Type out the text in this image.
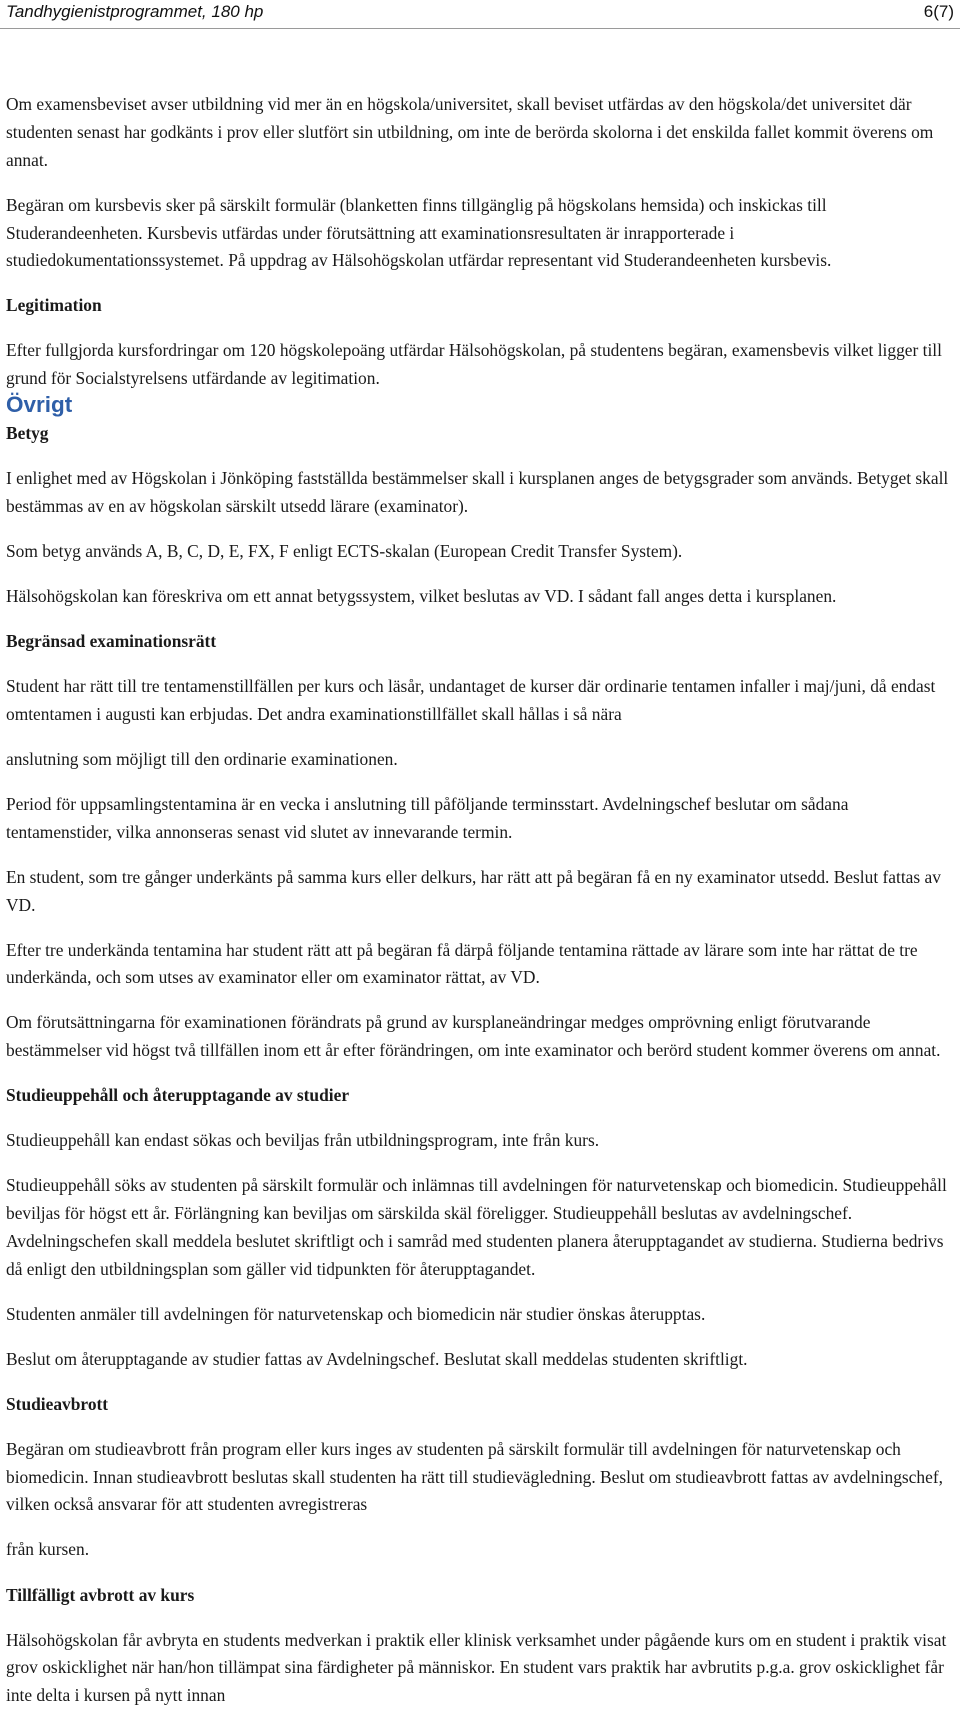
Tandhygienistprogrammet, 180 hp	6(7)

Om examensbeviset avser utbildning vid mer än en högskola/universitet, skall beviset utfärdas av den högskola/det universitet där studenten senast har godkänts i prov eller slutfört sin utbildning, om inte de berörda skolorna i det enskilda fallet kommit överens om annat.

Begäran om kursbevis sker på särskilt formulär (blanketten finns tillgänglig på högskolans hemsida) och inskickas till Studerandeenheten. Kursbevis utfärdas under förutsättning att examinationsresultaten är inrapporterade i studiedokumentationssystemet. På uppdrag av Hälsohögskolan utfärdar representant vid Studerandeenheten kursbevis.

Legitimation

Efter fullgjorda kursfordringar om 120 högskolepoäng utfärdar Hälsohögskolan, på studentens begäran, examensbevis vilket ligger till grund för Socialstyrelsens utfärdande av legitimation.

Övrigt

Betyg

I enlighet med av Högskolan i Jönköping fastställda bestämmelser skall i kursplanen anges de betygsgrader som används. Betyget skall bestämmas av en av högskolan särskilt utsedd lärare (examinator).

Som betyg används A, B, C, D, E, FX, F enligt ECTS-skalan (European Credit Transfer System).

Hälsohögskolan kan föreskriva om ett annat betygssystem, vilket beslutas av VD. I sådant fall anges detta i kursplanen.

Begränsad examinationsrätt

Student har rätt till tre tentamenstillfällen per kurs och läsår, undantaget de kurser där ordinarie tentamen infaller i maj/juni, då endast omtentamen i augusti kan erbjudas. Det andra examinationstillfället skall hållas i så nära

anslutning som möjligt till den ordinarie examinationen.

Period för uppsamlingstentamina är en vecka i anslutning till påföljande terminsstart. Avdelningschef beslutar om sådana tentamenstider, vilka annonseras senast vid slutet av innevarande termin.

En student, som tre gånger underkänts på samma kurs eller delkurs, har rätt att på begäran få en ny examinator utsedd. Beslut fattas av VD.

Efter tre underkända tentamina har student rätt att på begäran få därpå följande tentamina rättade av lärare som inte har rättat de tre underkända, och som utses av examinator eller om examinator rättat, av VD.

Om förutsättningarna för examinationen förändrats på grund av kursplaneändringar medges omprövning enligt förutvarande bestämmelser vid högst två tillfällen inom ett år efter förändringen, om inte examinator och berörd student kommer överens om annat.

Studieuppehåll och återupptagande av studier

Studieuppehåll kan endast sökas och beviljas från utbildningsprogram, inte från kurs.

Studieuppehåll söks av studenten på särskilt formulär och inlämnas till avdelningen för naturvetenskap och biomedicin. Studieuppehåll beviljas för högst ett år. Förlängning kan beviljas om särskilda skäl föreligger. Studieuppehåll beslutas av avdelningschef. Avdelningschefen skall meddela beslutet skriftligt och i samråd med studenten planera återupptagandet av studierna. Studierna bedrivs då enligt den utbildningsplan som gäller vid tidpunkten för återupptagandet.

Studenten anmäler till avdelningen för naturvetenskap och biomedicin när studier önskas återupptas.

Beslut om återupptagande av studier fattas av Avdelningschef. Beslutat skall meddelas studenten skriftligt.

Studieavbrott

Begäran om studieavbrott från program eller kurs inges av studenten på särskilt formulär till avdelningen för naturvetenskap och biomedicin. Innan studieavbrott beslutas skall studenten ha rätt till studievägledning. Beslut om studieavbrott fattas av avdelningschef, vilken också ansvarar för att studenten avregistreras

från kursen.

Tillfälligt avbrott av kurs

Hälsohögskolan får avbryta en students medverkan i praktik eller klinisk verksamhet under pågående kurs om en student i praktik visat grov oskicklighet när han/hon tillämpat sina färdigheter på människor. En student vars praktik har avbrutits p.g.a. grov oskicklighet får inte delta i kursen på nytt innan
